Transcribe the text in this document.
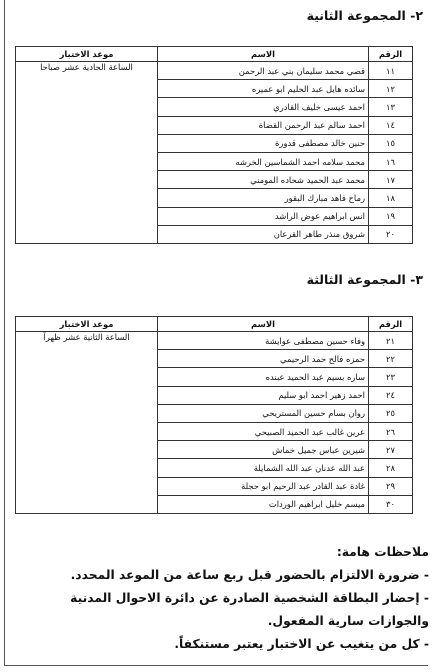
٢- المجموعة الثانية
الرقم	الاسم	موعد الاختبار
١١	قصي محمد سليمان بني عبد الرحمن	الساعة الحادية عشر صباحا
١٢	سائده هايل عبد الحليم ابو عميره	
١٣	احمد عيسى خليف القادري	
١٤	احمد سالم عبد الرحمن القضاة	
١٥	حنين خالد مصطفى قدورة	
١٦	محمد سلامه احمد الشماسين الخرشه	
١٧	محمد عبد الحميد شحاده المومني	
١٨	رماح فاهد مبارك البقور	
١٩	انس ابراهيم عوض الراشد	
٢٠	شروق منذر طاهر القرعان	
٣- المجموعة الثالثة
الرقم	الاسم	موعد الاختبار
٢١	وفاء حسين مصطفى عوايشة	الساعة الثانية عشر ظهراً
٢٢	حمزه فالح حمد الرحيمي	
٢٣	ساره بسيم عبد الحميد عبنده	
٢٤	احمد زهير احمد ابو سليم	
٢٥	روان بسام حسين المستريحي	
٢٦	عرين غالب عبد الحميد الصبيحي	
٢٧	شيرين عباس جميل خماش	
٢٨	عبد الله عدنان عبد الله الشمايلة	
٢٩	غادة عبد القادر عبد الرحيم ابو حجلة	
٣٠	ميسم خليل ابراهيم الوردات	
ملاحظات هامة:

- ضرورة الالتزام بالحضور قبل ربع ساعة من الموعد المحدد.

- إحضار البطاقة الشخصية الصادرة عن دائرة الاحوال المدنية والجوازات سارية المفعول.

- كل من يتغيب عن الاختبار يعتبر مستنكفاً.
